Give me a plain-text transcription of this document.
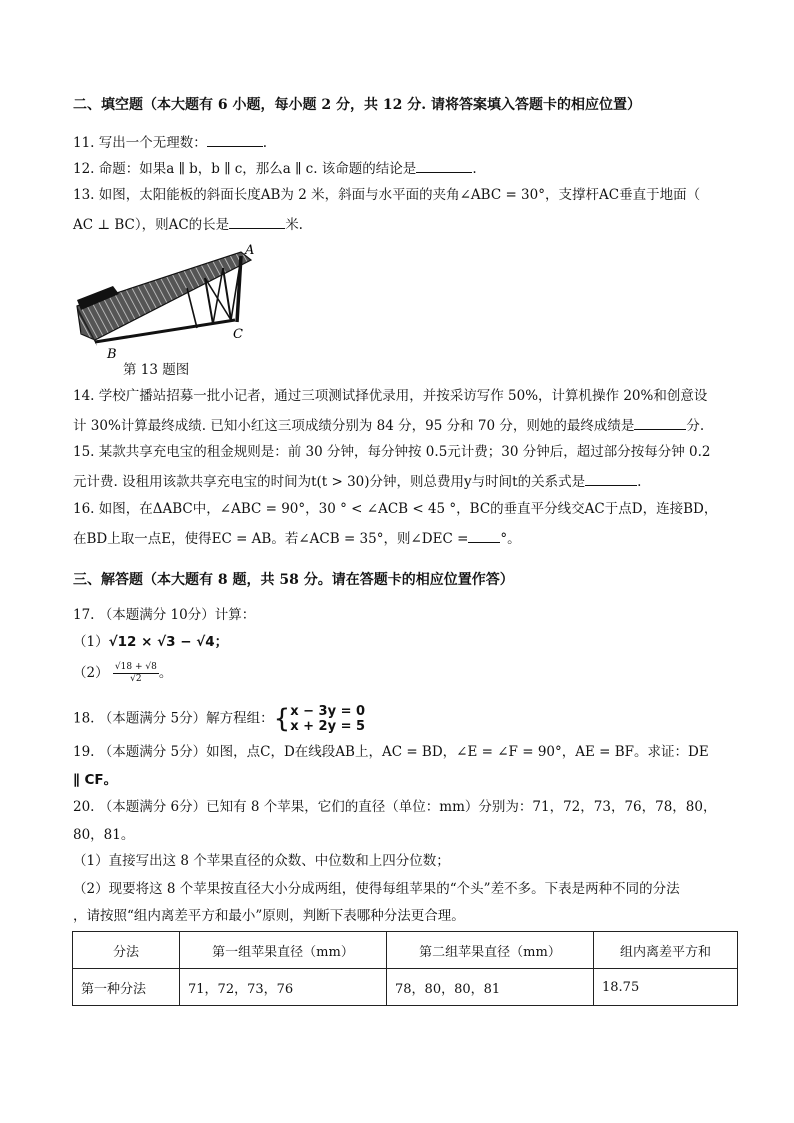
二、填空题（本大题有 6 小题，每小题 2 分，共 12 分. 请将答案填入答题卡的相应位置）
11. 写出一个无理数：	.
12. 命题：如果a ∥ b，b ∥ c，那么a ∥ c. 该命题的结论是	.
13. 如图，太阳能板的斜面长度AB为 2 米，斜面与水平面的夹角∠ABC = 30°，支撑杆AC垂直于地面（
AC ⊥ BC），则AC的长是	米.
A
C
B
第 13 题图
14. 学校广播站招募一批小记者，通过三项测试择优录用，并按采访写作 50%，计算机操作 20%和创意设
计 30%计算最终成绩. 已知小红这三项成绩分别为 84 分，95 分和 70 分，则她的最终成绩是	分.
15. 某款共享充电宝的租金规则是：前 30 分钟，每分钟按 0.5元计费；30 分钟后，超过部分按每分钟 0.2
元计费. 设租用该款共享充电宝的时间为t(t > 30)分钟，则总费用y与时间t的关系式是	.
16. 如图，在ΔABC中，∠ABC = 90°，30 ° < ∠ACB < 45 °，BC的垂直平分线交AC于点D，连接BD，
在BD上取一点E，使得EC = AB。若∠ACB = 35°，则∠DEC = °。
三、解答题（本大题有 8 题，共 58 分。请在答题卡的相应位置作答）
17. （本题满分 10分）计算：
（1）√12 × √3 − √4；
$(2) \frac{√18 + √8}{√2}$ 。
18. （本题满分 5分）解方程组：{ x − 3y = 0
x + 2y = 5
19. （本题满分 5分）如图，点C，D在线段AB上，AC = BD，∠E = ∠F = 90°，AE = BF。求证：DE
∥ CF。
20. （本题满分 6分）已知有 8 个苹果，它们的直径（单位：mm）分别为：71，72，73，76，78，80，
80，81。
（1）直接写出这 8 个苹果直径的众数、中位数和上四分位数；
（2）现要将这 8 个苹果按直径大小分成两组，使得每组苹果的“个头”差不多。下表是两种不同的分法
，请按照“组内离差平方和最小”原则，判断下表哪种分法更合理。
分法	第一组苹果直径（mm）	第二组苹果直径（mm）	组内离差平方和
第一种分法	71，72，73，76	78，80，80，81	18.75
